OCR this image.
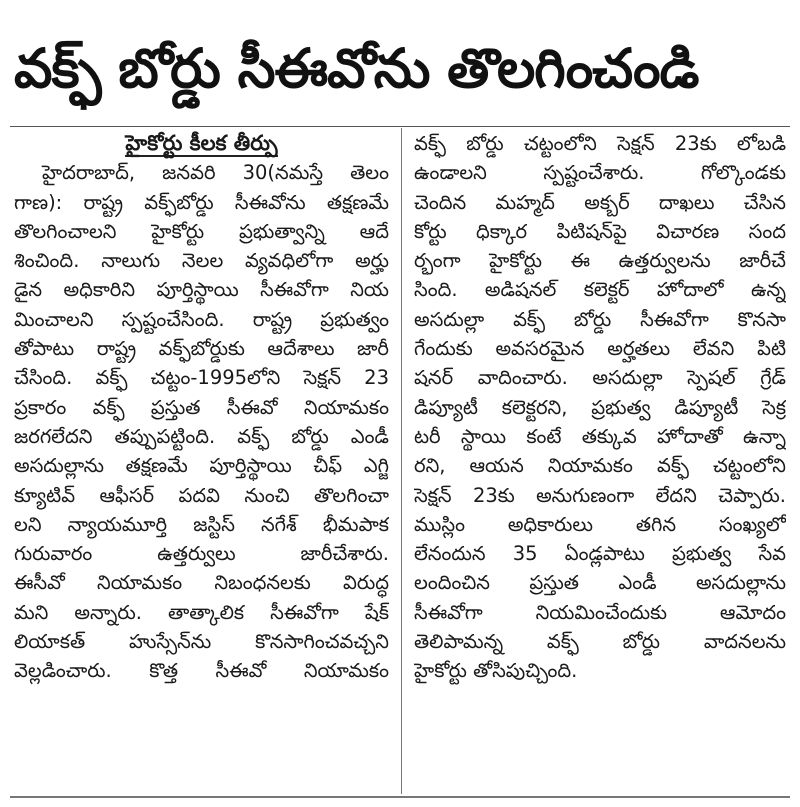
వక్ఫ్ బోర్డు సీఈవోను తొలగించండి
హైకోర్టు కీలక తీర్పు
హైదరాబాద్, జనవరి 30(నమస్తే తెలం
గాణ): రాష్ట్ర వక్ఫ్‌బోర్డు సీఈవోను తక్షణమే
తొలగించాలని హైకోర్టు ప్రభుత్వాన్ని ఆదే
శించింది. నాలుగు నెలల వ్యవధిలోగా అర్హు
డైన అధికారిని పూర్తిస్థాయి సీఈవోగా నియ
మించాలని స్పష్టంచేసింది. రాష్ట్ర ప్రభుత్వం
తోపాటు రాష్ట్ర వక్ఫ్‌బోర్డుకు ఆదేశాలు జారీ
చేసింది. వక్ఫ్ చట్టం-1995లోని సెక్షన్ 23
ప్రకారం వక్ఫ్ ప్రస్తుత సీఈవో నియామకం
జరగలేదని తప్పుపట్టింది. వక్ఫ్ బోర్డు ఎండీ
అసదుల్లాను తక్షణమే పూర్తిస్థాయి చీఫ్ ఎగ్జి
క్యూటివ్ ఆఫీసర్ పదవి నుంచి తొలగించా
లని న్యాయమూర్తి జస్టిస్ నగేశ్ భీమపాక
గురువారం ఉత్తర్వులు జారీచేశారు.
ఈసీవో నియామకం నిబంధనలకు విరుద్ధ
మని అన్నారు. తాత్కాలిక సీఈవోగా షేక్
లియాకత్ హుస్సేన్‌ను కొనసాగించవచ్చని
వెల్లడించారు. కొత్త సీఈవో నియామకం
వక్ఫ్ బోర్డు చట్టంలోని సెక్షన్ 23కు లోబడి
ఉండాలని స్పష్టంచేశారు. గోల్కొండకు
చెందిన మహ్మద్ అక్బర్ దాఖలు చేసిన
కోర్టు ధిక్కార పిటిషన్‌పై విచారణ సంద
ర్భంగా హైకోర్టు ఈ ఉత్తర్వులను జారీచే
సింది. అడిషనల్ కలెక్టర్ హోదాలో ఉన్న
అసదుల్లా వక్ఫ్ బోర్డు సీఈవోగా కొనసా
గేందుకు అవసరమైన అర్హతలు లేవని పిటి
షనర్ వాదించారు. అసదుల్లా స్పెషల్ గ్రేడ్
డిప్యూటీ కలెక్టరని, ప్రభుత్వ డిప్యూటీ సెక్ర
టరీ స్థాయి కంటే తక్కువ హోదాతో ఉన్నా
రని, ఆయన నియామకం వక్ఫ్ చట్టంలోని
సెక్షన్ 23కు అనుగుణంగా లేదని చెప్పారు.
ముస్లిం అధికారులు తగిన సంఖ్యలో
లేనందున 35 ఏండ్లపాటు ప్రభుత్వ సేవ
లందించిన ప్రస్తుత ఎండీ అసదుల్లాను
సీఈవోగా నియమించేందుకు ఆమోదం
తెలిపామన్న వక్ఫ్ బోర్డు వాదనలను
హైకోర్టు తోసిపుచ్చింది.
